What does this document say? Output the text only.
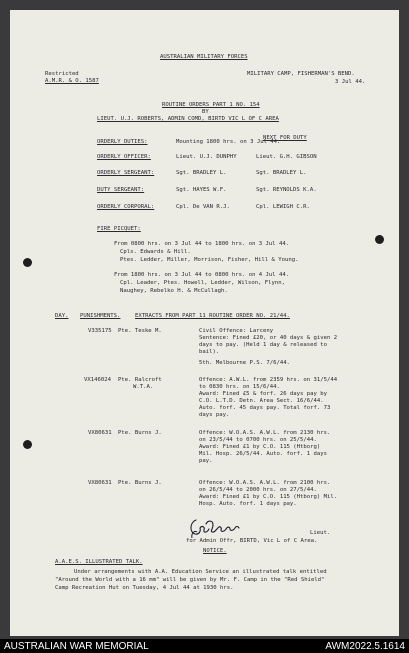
AUSTRALIAN MILITARY FORCES
Restricted
A.M.R. & O. 1587
MILITARY CAMP, FISHERMAN'S BEND.
3 Jul 44.
ROUTINE ORDERS PART 1 NO. 154
BY
LIEUT. U.J. ROBERTS, ADMIN COMD, BIRTD VIC L OF C AREA
NEXT FOR DUTY
ORDERLY DUTIES:	Mounting 1800 hrs. on 3 Jul 44.
ORDERLY OFFICER:	Lieut. U.J. DUNPHY	Lieut. G.H. GIBSON
ORDERLY SERGEANT:	Sgt. BRADLEY L.	Sgt. BRADLEY L.
DUTY SERGEANT:	Sgt. HAYES W.F.	Sgt. REYNOLDS K.A.
ORDERLY CORPORAL:	Cpl. De VAN R.J.	Cpl. LEWIGH C.R.
FIRE PICQUET:
From 0800 hrs. on 3 Jul 44 to 1800 hrs. on 3 Jul 44.
Cpls. Edwards & Hill.
Ptes. Ledder, Miller, Morrison, Fisher, Hill & Young.
From 1800 hrs. on 3 Jul 44 to 0800 hrs. on 4 Jul 44.
Cpl. Leader, Ptes. Howell, Ledder, Wilson, Flynn,
Naughey, Rebelko H. & McCullagh.
DAY. PUNISHMENTS.	EXTRACTS FROM PART 11 ROUTINE ORDER NO. 21/44.
V335175 Pte. Teske M.	Civil Offence: Larceny
Sentence: Fined £20, or 40 days & given 2
days to pay. (Held 1 day & released to
bail).
5th. Melbourne P.S. 7/6/44.
VX146024 Pte. Ralcroft
W.T.A.
Offence: A.W.L. from 2359 hrs. on 31/5/44
to 0830 hrs. on 15/6/44.
Award: Fined £5 & forf. 26 days pay by
C.O. L.T.D. Detn. Area Sect. 16/6/44.
Auto. forf. 45 days pay. Total forf. 73
days pay.
VX80631 Pte. Burns J.	Offence: W.O.A.S. A.W.L. from 2130 hrs.
on 23/5/44 to 0700 hrs. on 25/5/44.
Award: Fined £1 by C.O. 115 (Htborg)
Mil. Hosp. 26/5/44. Auto. forf. 1 days
pay.
VX80631 Pte. Burns J.	Offence: W.O.A.S. A.W.L. from 2100 hrs.
on 26/5/44 to 2000 hrs. on 27/5/44.
Award: Fined £1 by C.O. 115 (Htborg) Mil.
Hosp. Auto. forf. 1 days pay.
Lieut.
for Admin Offr, BIRTD, Vic L of C Area.
NOTICE.
A.A.E.S. ILLUSTRATED TALK.
Under arrangements with A.A. Education Service an illustrated talk entitled
"Around the World with a 16 mm" will be given by Mr. F. Camp in the "Red Shield"
Camp Recreation Hut on Tuesday, 4 Jul 44 at 1930 hrs.
AUSTRALIAN WAR MEMORIAL	AWM2022.5.1614
